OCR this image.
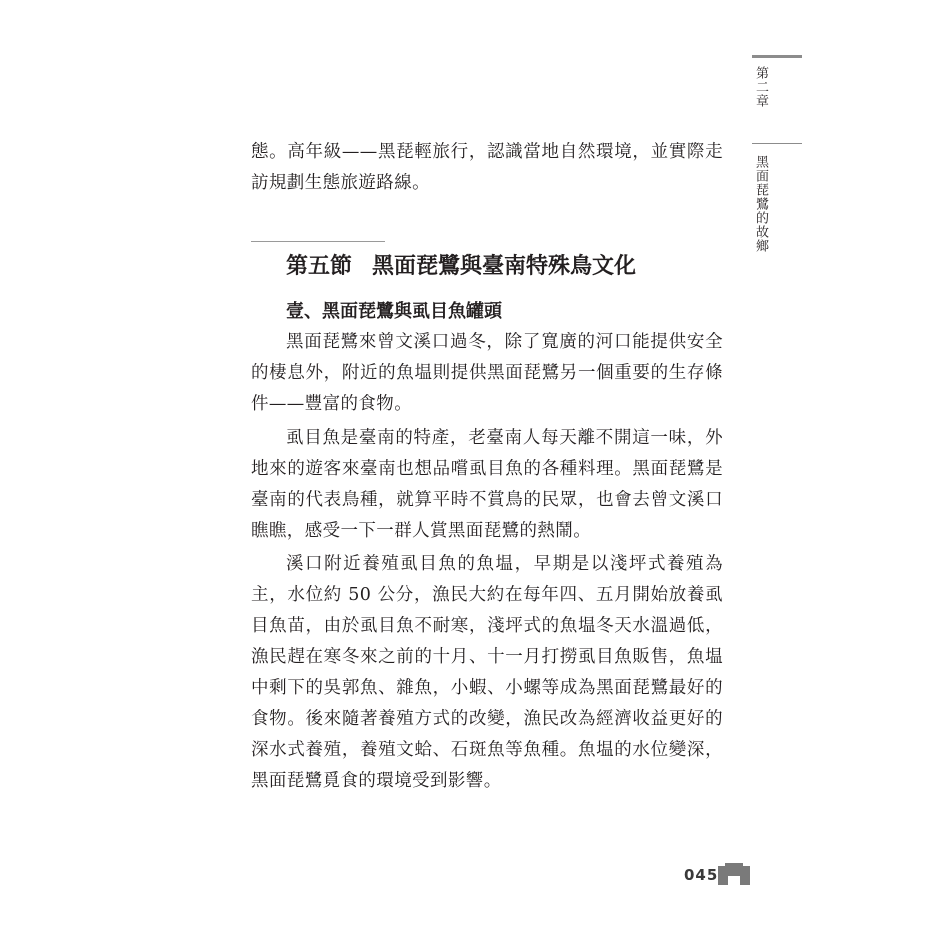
第二章
黑面琵鷺的故鄉

態。高年級——黑琵輕旅行，認識當地自然環境，並實際走訪規劃生態旅遊路線。

第五節 黑面琵鷺與臺南特殊鳥文化
壹、黑面琵鷺與虱目魚罐頭

黑面琵鷺來曾文溪口過冬，除了寬廣的河口能提供安全的棲息外，附近的魚塭則提供黑面琵鷺另一個重要的生存條件——豐富的食物。

虱目魚是臺南的特產，老臺南人每天離不開這一味，外地來的遊客來臺南也想品嚐虱目魚的各種料理。黑面琵鷺是臺南的代表鳥種，就算平時不賞鳥的民眾，也會去曾文溪口瞧瞧，感受一下一群人賞黑面琵鷺的熱鬧。

溪口附近養殖虱目魚的魚塭，早期是以淺坪式養殖為主，水位約 50 公分，漁民大約在每年四、五月開始放養虱目魚苗，由於虱目魚不耐寒，淺坪式的魚塭冬天水溫過低，漁民趕在寒冬來之前的十月、十一月打撈虱目魚販售，魚塭中剩下的吳郭魚、雜魚，小蝦、小螺等成為黑面琵鷺最好的食物。後來隨著養殖方式的改變，漁民改為經濟收益更好的深水式養殖，養殖文蛤、石斑魚等魚種。魚塭的水位變深，黑面琵鷺覓食的環境受到影響。

045
